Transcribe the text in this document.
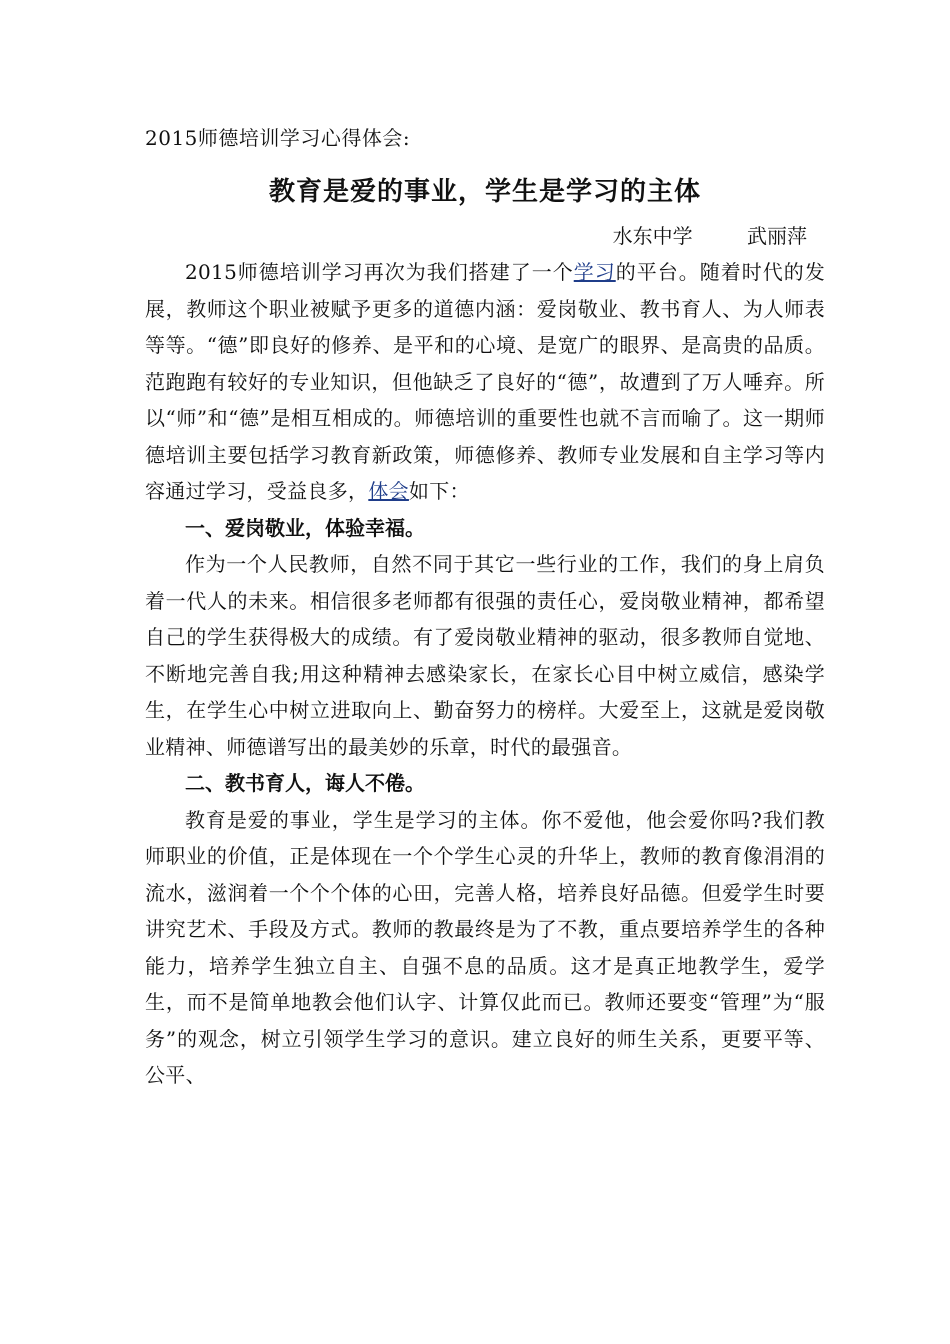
2015师德培训学习心得体会:
教育是爱的事业，学生是学习的主体
水东中学	武丽萍

2015师德培训学习再次为我们搭建了一个学习的平台。随着时代的发展，教师这个职业被赋予更多的道德内涵：爱岗敬业、教书育人、为人师表等等。“德”即良好的修养、是平和的心境、是宽广的眼界、是高贵的品质。范跑跑有较好的专业知识，但他缺乏了良好的“德”，故遭到了万人唾弃。所以“师”和“德”是相互相成的。师德培训的重要性也就不言而喻了。这一期师德培训主要包括学习教育新政策，师德修养、教师专业发展和自主学习等内容通过学习，受益良多，体会如下：

一、爱岗敬业，体验幸福。

作为一个人民教师，自然不同于其它一些行业的工作，我们的身上肩负着一代人的未来。相信很多老师都有很强的责任心，爱岗敬业精神，都希望自己的学生获得极大的成绩。有了爱岗敬业精神的驱动，很多教师自觉地、不断地完善自我;用这种精神去感染家长，在家长心目中树立威信，感染学生，在学生心中树立进取向上、勤奋努力的榜样。大爱至上，这就是爱岗敬业精神、师德谱写出的最美妙的乐章，时代的最强音。

二、教书育人，诲人不倦。

教育是爱的事业，学生是学习的主体。你不爱他，他会爱你吗?我们教师职业的价值，正是体现在一个个学生心灵的升华上，教师的教育像涓涓的流水，滋润着一个个个体的心田，完善人格，培养良好品德。但爱学生时要讲究艺术、手段及方式。教师的教最终是为了不教，重点要培养学生的各种能力，培养学生独立自主、自强不息的品质。这才是真正地教学生，爱学生，而不是简单地教会他们认字、计算仅此而已。教师还要变“管理”为“服务”的观念，树立引领学生学习的意识。建立良好的师生关系，更要平等、公平、
